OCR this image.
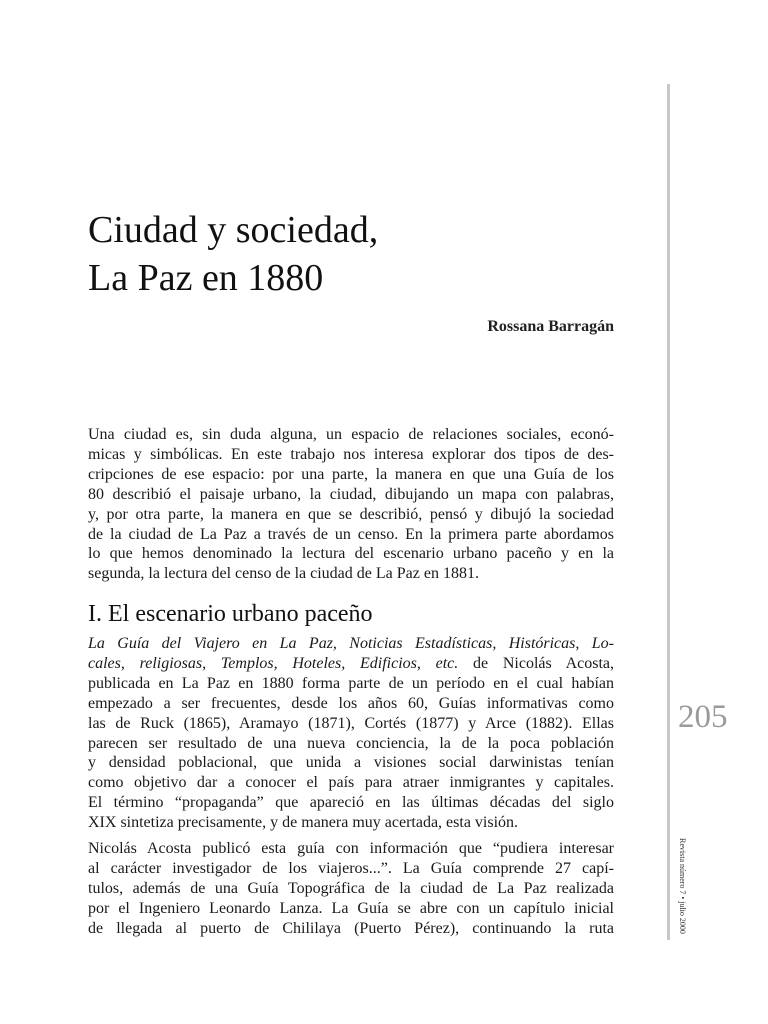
Ciudad y sociedad,
La Paz en 1880
Rossana Barragán
Una ciudad es, sin duda alguna, un espacio de relaciones sociales, econó-
micas y simbólicas. En este trabajo nos interesa explorar dos tipos de des-
cripciones de ese espacio: por una parte, la manera en que una Guía de los
80 describió el paisaje urbano, la ciudad, dibujando un mapa con palabras,
y, por otra parte, la manera en que se describió, pensó y dibujó la sociedad
de la ciudad de La Paz a través de un censo. En la primera parte abordamos
lo que hemos denominado la lectura del escenario urbano paceño y en la
segunda, la lectura del censo de la ciudad de La Paz en 1881.
I. El escenario urbano paceño
La Guía del Viajero en La Paz, Noticias Estadísticas, Históricas, Lo-
cales, religiosas, Templos, Hoteles, Edificios, etc. de Nicolás Acosta,
publicada en La Paz en 1880 forma parte de un período en el cual habían
empezado a ser frecuentes, desde los años 60, Guías informativas como
las de Ruck (1865), Aramayo (1871), Cortés (1877) y Arce (1882). Ellas
parecen ser resultado de una nueva conciencia, la de la poca población
y densidad poblacional, que unida a visiones social darwinistas tenían
como objetivo dar a conocer el país para atraer inmigrantes y capitales.
El término “propaganda” que apareció en las últimas décadas del siglo
XIX sintetiza precisamente, y de manera muy acertada, esta visión.
Nicolás Acosta publicó esta guía con información que “pudiera interesar
al carácter investigador de los viajeros...”. La Guía comprende 27 capí-
tulos, además de una Guía Topográfica de la ciudad de La Paz realizada
por el Ingeniero Leonardo Lanza. La Guía se abre con un capítulo inicial
de llegada al puerto de Chililaya (Puerto Pérez), continuando la ruta
205
Revista número 7 • julio 2000
